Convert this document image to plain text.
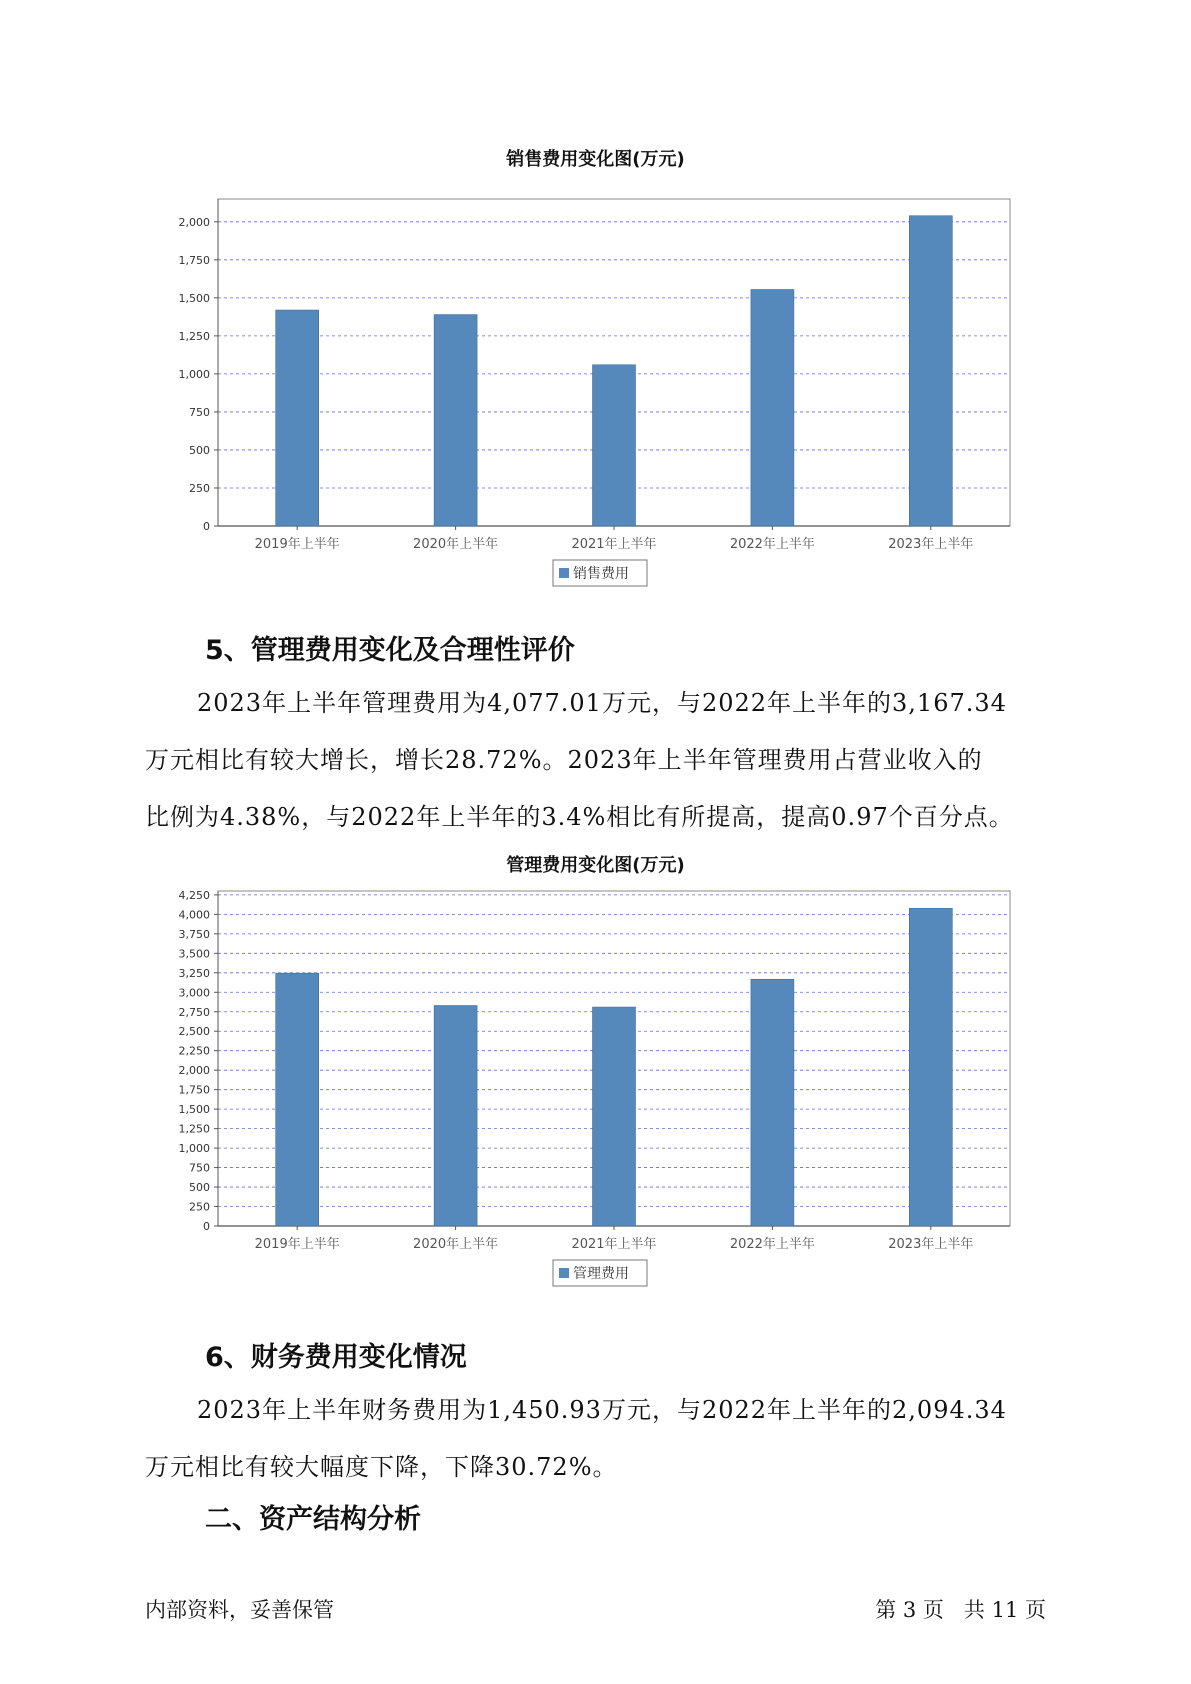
销售费用变化图(万元)
0
250
500
750
1,000
1,250
1,500
1,750
2,000
2019年上半年	2020年上半年	2021年上半年	2022年上半年	2023年上半年
销售费用
5、管理费用变化及合理性评价
2023年上半年管理费用为4,077.01万元，与2022年上半年的3,167.34
万元相比有较大增长，增长28.72%。2023年上半年管理费用占营业收入的
比例为4.38%，与2022年上半年的3.4%相比有所提高，提高0.97个百分点。
管理费用变化图(万元)
0
250
500
750
1,000
1,250
1,500
1,750
2,000
2,250
2,500
2,750
3,000
3,250
3,500
3,750
4,000
4,250
2019年上半年	2020年上半年	2021年上半年	2022年上半年	2023年上半年
管理费用
6、财务费用变化情况
2023年上半年财务费用为1,450.93万元，与2022年上半年的2,094.34
万元相比有较大幅度下降，下降30.72%。
二、资产结构分析
内部资料，妥善保管	第 3 页   共 11 页
